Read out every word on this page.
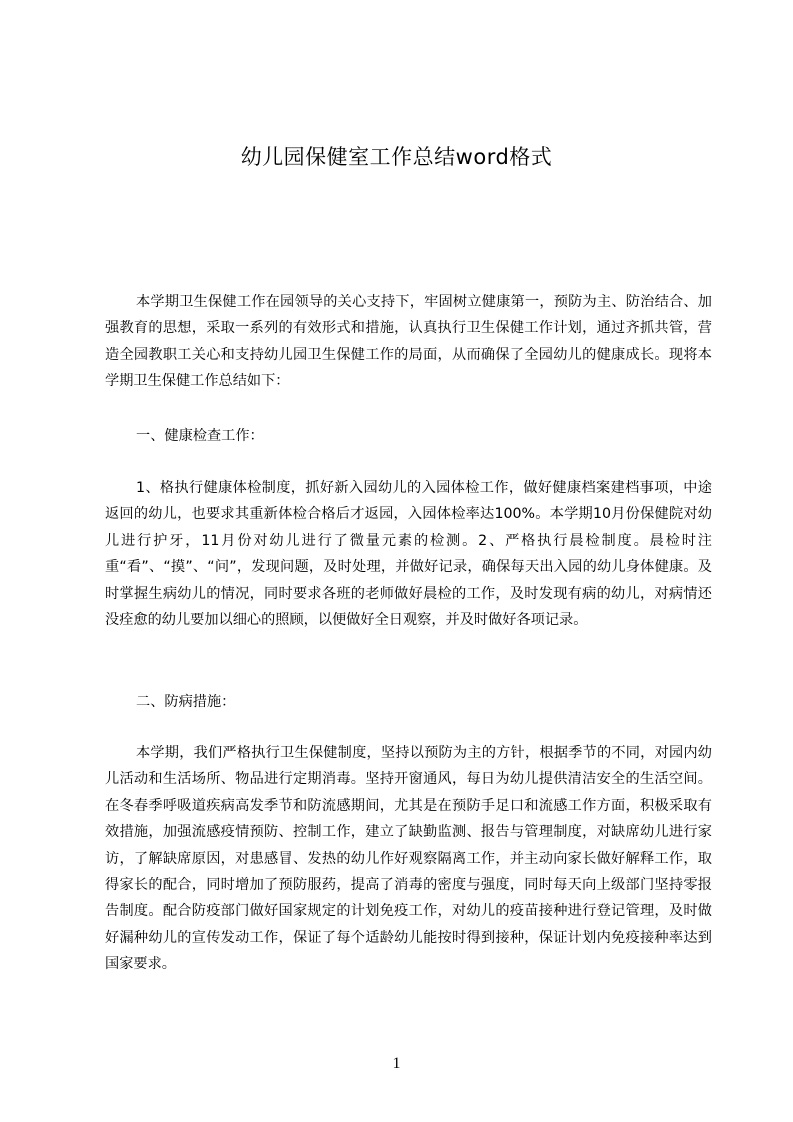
幼儿园保健室工作总结word格式
本学期卫生保健工作在园领导的关心支持下，牢固树立健康第一，预防为主、防治结合、加强教育的思想，采取一系列的有效形式和措施，认真执行卫生保健工作计划，通过齐抓共管，营造全园教职工关心和支持幼儿园卫生保健工作的局面，从而确保了全园幼儿的健康成长。现将本学期卫生保健工作总结如下：
一、健康检查工作：
1、格执行健康体检制度，抓好新入园幼儿的入园体检工作，做好健康档案建档事项，中途返回的幼儿，也要求其重新体检合格后才返园，入园体检率达100%。本学期10月份保健院对幼儿进行护牙，11月份对幼儿进行了微量元素的检测。2、严格执行晨检制度。晨检时注重“看”、“摸”、“问”，发现问题，及时处理，并做好记录，确保每天出入园的幼儿身体健康。及时掌握生病幼儿的情况，同时要求各班的老师做好晨检的工作，及时发现有病的幼儿，对病情还没痊愈的幼儿要加以细心的照顾，以便做好全日观察，并及时做好各项记录。
二、防病措施：
本学期，我们严格执行卫生保健制度，坚持以预防为主的方针，根据季节的不同，对园内幼儿活动和生活场所、物品进行定期消毒。坚持开窗通风，每日为幼儿提供清洁安全的生活空间。在冬春季呼吸道疾病高发季节和防流感期间，尤其是在预防手足口和流感工作方面，积极采取有效措施，加强流感疫情预防、控制工作，建立了缺勤监测、报告与管理制度，对缺席幼儿进行家访，了解缺席原因，对患感冒、发热的幼儿作好观察隔离工作，并主动向家长做好解释工作，取得家长的配合，同时增加了预防服药，提高了消毒的密度与强度，同时每天向上级部门坚持零报告制度。配合防疫部门做好国家规定的计划免疫工作，对幼儿的疫苗接种进行登记管理，及时做好漏种幼儿的宣传发动工作，保证了每个适龄幼儿能按时得到接种，保证计划内免疫接种率达到国家要求。
1
